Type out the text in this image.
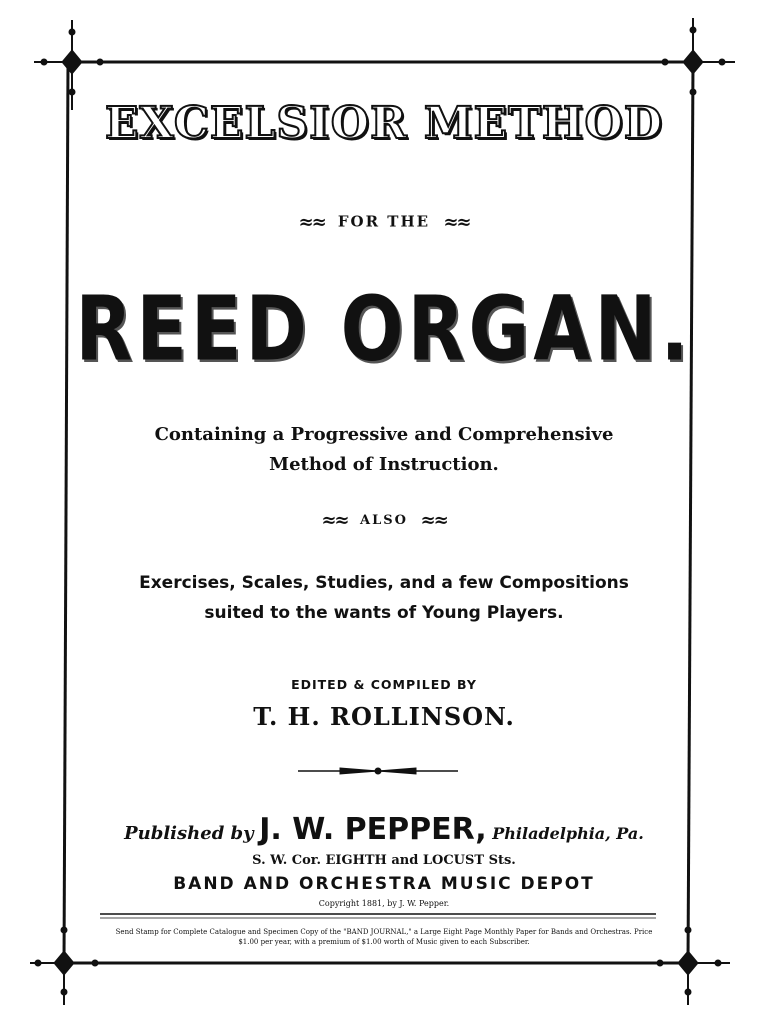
EXCELSIOR METHOD
≈≈ FOR THE ≈≈
REED ORGAN.
Containing a Progressive and Comprehensive
Method of Instruction.
≈≈ ALSO ≈≈
Exercises, Scales, Studies, and a few Compositions
suited to the wants of Young Players.
EDITED & COMPILED BY
T. H. ROLLINSON.
Published by J. W. PEPPER, Philadelphia, Pa.
S. W. Cor. EIGHTH and LOCUST Sts.
BAND AND ORCHESTRA MUSIC DEPOT
Copyright 1881, by J. W. Pepper.
Send Stamp for Complete Catalogue and Specimen Copy of the "BAND JOURNAL," a Large Eight Page Monthly Paper for Bands and Orchestras. Price
$1.00 per year, with a premium of $1.00 worth of Music given to each Subscriber.
